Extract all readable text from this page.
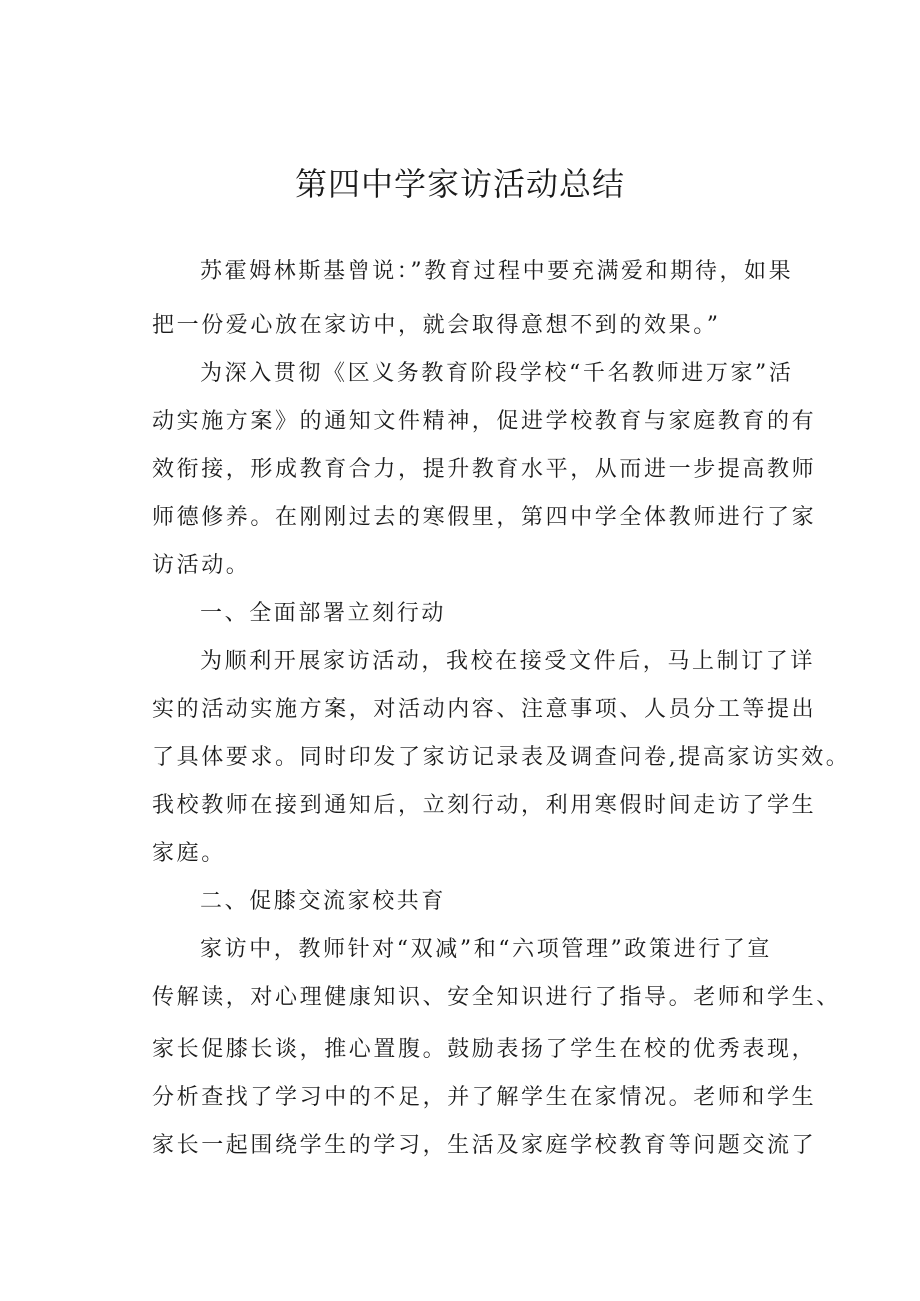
第四中学家访活动总结

苏霍姆林斯基曾说：”教育过程中要充满爱和期待，如果

把一份爱心放在家访中，就会取得意想不到的效果。”

为深入贯彻《区义务教育阶段学校“千名教师进万家”活

动实施方案》的通知文件精神，促进学校教育与家庭教育的有

效衔接，形成教育合力，提升教育水平，从而进一步提高教师

师德修养。在刚刚过去的寒假里，第四中学全体教师进行了家

访活动。

一、全面部署立刻行动

为顺利开展家访活动，我校在接受文件后，马上制订了详

实的活动实施方案，对活动内容、注意事项、人员分工等提出

了具体要求。同时印发了家访记录表及调查问卷,提高家访实效。

我校教师在接到通知后，立刻行动，利用寒假时间走访了学生

家庭。

二、促膝交流家校共育

家访中，教师针对“双减”和“六项管理”政策进行了宣

传解读，对心理健康知识、安全知识进行了指导。老师和学生、

家长促膝长谈，推心置腹。鼓励表扬了学生在校的优秀表现，

分析查找了学习中的不足，并了解学生在家情况。老师和学生

家长一起围绕学生的学习，生活及家庭学校教育等问题交流了
